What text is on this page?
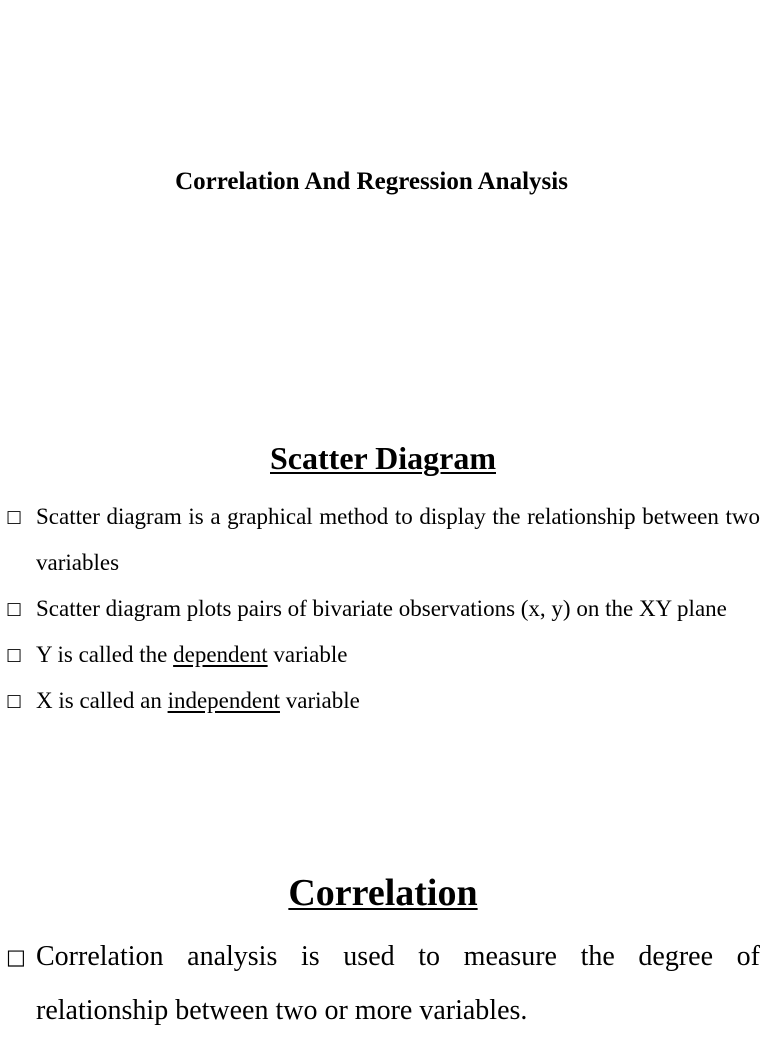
Correlation And Regression Analysis
Scatter Diagram
□ Scatter diagram is a graphical method to display the relationship between two variables
□ Scatter diagram plots pairs of bivariate observations (x, y) on the XY plane
□ Y is called the dependent variable
□ X is called an independent variable
Correlation
□ Correlation analysis is used to measure the degree of relationship between two or more variables.
